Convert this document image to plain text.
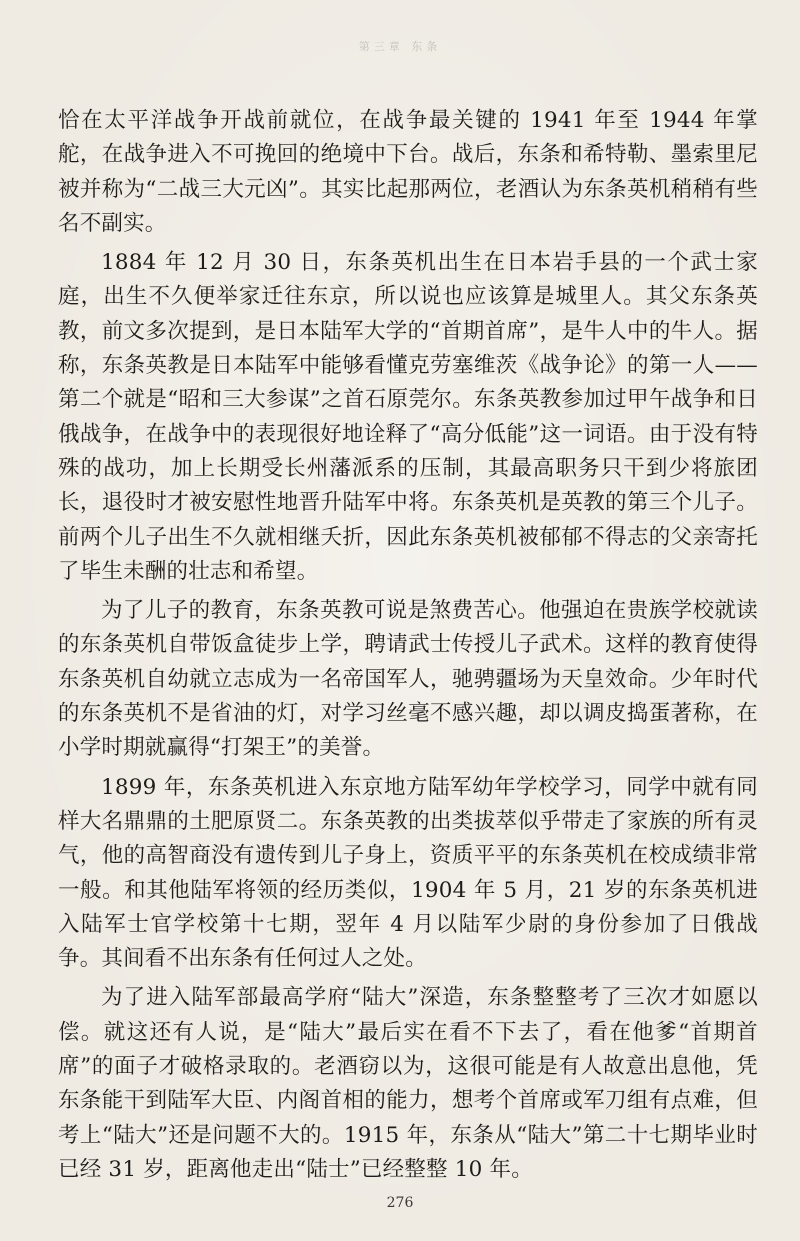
第三章 东条

恰在太平洋战争开战前就位，在战争最关键的 1941 年至 1944 年掌舵，在战争进入不可挽回的绝境中下台。战后，东条和希特勒、墨索里尼被并称为“二战三大元凶”。其实比起那两位，老酒认为东条英机稍稍有些名不副实。

1884 年 12 月 30 日，东条英机出生在日本岩手县的一个武士家庭，出生不久便举家迁往东京，所以说也应该算是城里人。其父东条英教，前文多次提到，是日本陆军大学的“首期首席”，是牛人中的牛人。据称，东条英教是日本陆军中能够看懂克劳塞维茨《战争论》的第一人——第二个就是“昭和三大参谋”之首石原莞尔。东条英教参加过甲午战争和日俄战争，在战争中的表现很好地诠释了“高分低能”这一词语。由于没有特殊的战功，加上长期受长州藩派系的压制，其最高职务只干到少将旅团长，退役时才被安慰性地晋升陆军中将。东条英机是英教的第三个儿子。前两个儿子出生不久就相继夭折，因此东条英机被郁郁不得志的父亲寄托了毕生未酬的壮志和希望。

为了儿子的教育，东条英教可说是煞费苦心。他强迫在贵族学校就读的东条英机自带饭盒徒步上学，聘请武士传授儿子武术。这样的教育使得东条英机自幼就立志成为一名帝国军人，驰骋疆场为天皇效命。少年时代的东条英机不是省油的灯，对学习丝毫不感兴趣，却以调皮捣蛋著称，在小学时期就赢得“打架王”的美誉。

1899 年，东条英机进入东京地方陆军幼年学校学习，同学中就有同样大名鼎鼎的土肥原贤二。东条英教的出类拔萃似乎带走了家族的所有灵气，他的高智商没有遗传到儿子身上，资质平平的东条英机在校成绩非常一般。和其他陆军将领的经历类似，1904 年 5 月，21 岁的东条英机进入陆军士官学校第十七期，翌年 4 月以陆军少尉的身份参加了日俄战争。其间看不出东条有任何过人之处。

为了进入陆军部最高学府“陆大”深造，东条整整考了三次才如愿以偿。就这还有人说，是“陆大”最后实在看不下去了，看在他爹“首期首席”的面子才破格录取的。老酒窃以为，这很可能是有人故意出息他，凭东条能干到陆军大臣、内阁首相的能力，想考个首席或军刀组有点难，但考上“陆大”还是问题不大的。1915 年，东条从“陆大”第二十七期毕业时已经 31 岁，距离他走出“陆士”已经整整 10 年。

276
